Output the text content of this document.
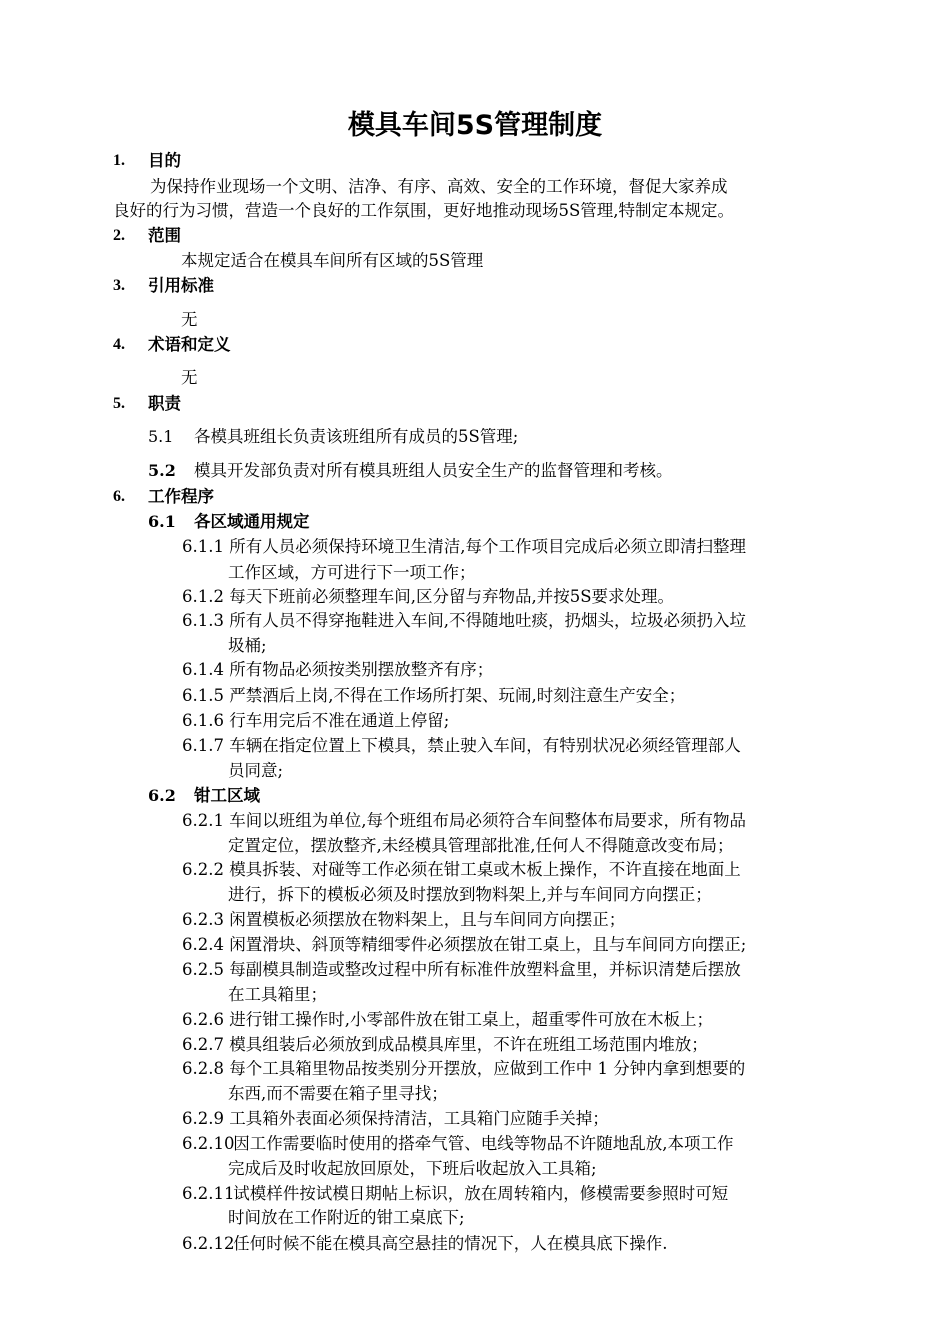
模具车间5S管理制度
1. 目的
为保持作业现场一个文明、洁净、有序、高效、安全的工作环境，督促大家养成
良好的行为习惯，营造一个良好的工作氛围，更好地推动现场5S管理,特制定本规定。
2. 范围
本规定适合在模具车间所有区域的5S管理
3. 引用标准
无
4. 术语和定义
无
5. 职责
5.1 各模具班组长负责该班组所有成员的5S管理;
5.2 模具开发部负责对所有模具班组人员安全生产的监督管理和考核。
6. 工作程序
6.1 各区域通用规定
6.1.1 所有人员必须保持环境卫生清洁,每个工作项目完成后必须立即清扫整理
工作区域，方可进行下一项工作；
6.1.2 每天下班前必须整理车间,区分留与弃物品,并按5S要求处理。
6.1.3 所有人员不得穿拖鞋进入车间,不得随地吐痰，扔烟头，垃圾必须扔入垃
圾桶;
6.1.4 所有物品必须按类别摆放整齐有序；
6.1.5 严禁酒后上岗,不得在工作场所打架、玩闹,时刻注意生产安全；
6.1.6 行车用完后不准在通道上停留;
6.1.7 车辆在指定位置上下模具，禁止驶入车间，有特别状况必须经管理部人
员同意;
6.2 钳工区域
6.2.1 车间以班组为单位,每个班组布局必须符合车间整体布局要求，所有物品
定置定位，摆放整齐,未经模具管理部批准,任何人不得随意改变布局；
6.2.2 模具拆装、对碰等工作必须在钳工桌或木板上操作，不许直接在地面上
进行，拆下的模板必须及时摆放到物料架上,并与车间同方向摆正；
6.2.3 闲置模板必须摆放在物料架上，且与车间同方向摆正；
6.2.4 闲置滑块、斜顶等精细零件必须摆放在钳工桌上，且与车间同方向摆正;
6.2.5 每副模具制造或整改过程中所有标准件放塑料盒里，并标识清楚后摆放
在工具箱里；
6.2.6 进行钳工操作时,小零部件放在钳工桌上，超重零件可放在木板上；
6.2.7 模具组装后必须放到成品模具库里，不许在班组工场范围内堆放；
6.2.8 每个工具箱里物品按类别分开摆放，应做到工作中 1 分钟内拿到想要的
东西,而不需要在箱子里寻找；
6.2.9 工具箱外表面必须保持清洁，工具箱门应随手关掉；
6.2.10 因工作需要临时使用的搭牵气管、电线等物品不许随地乱放,本项工作
完成后及时收起放回原处，下班后收起放入工具箱;
6.2.11 试模样件按试模日期帖上标识，放在周转箱内，修模需要参照时可短
时间放在工作附近的钳工桌底下;
6.2.12 任何时候不能在模具高空悬挂的情况下，人在模具底下操作.
